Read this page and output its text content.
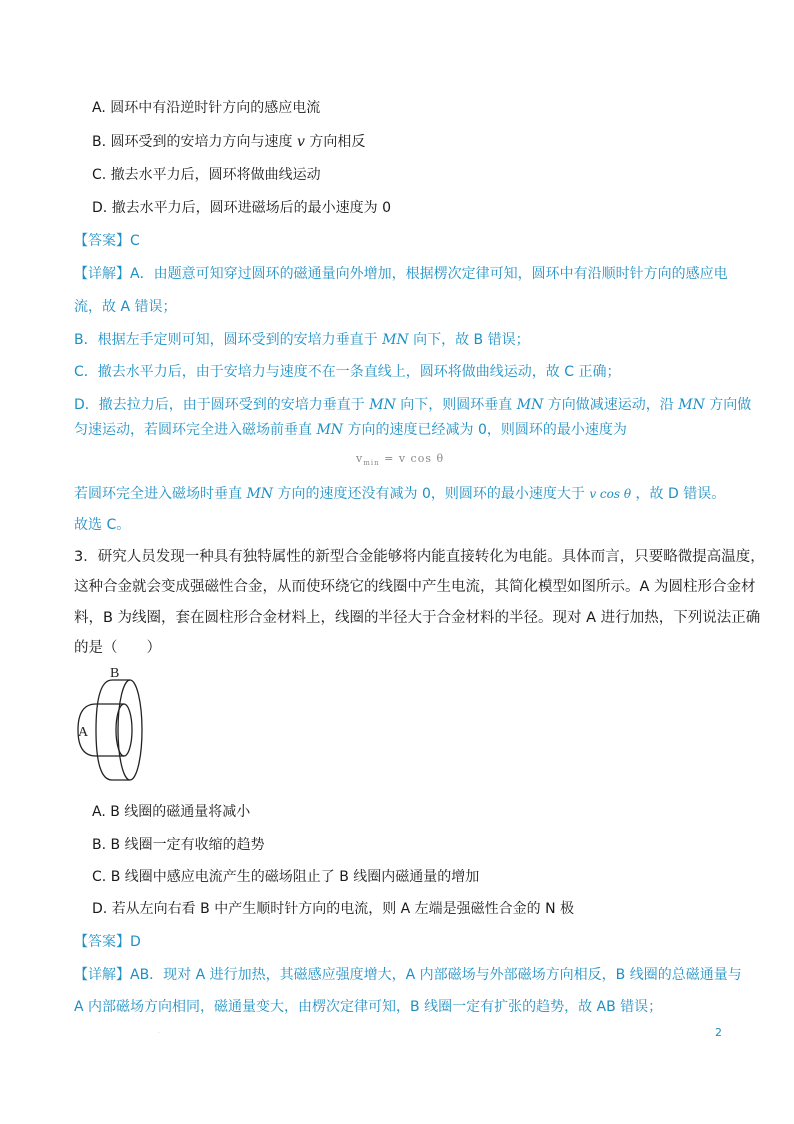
A. 圆环中有沿逆时针方向的感应电流
B. 圆环受到的安培力方向与速度 v 方向相反
C. 撤去水平力后，圆环将做曲线运动
D. 撤去水平力后，圆环进磁场后的最小速度为 0
【答案】C
【详解】A．由题意可知穿过圆环的磁通量向外增加，根据楞次定律可知，圆环中有沿顺时针方向的感应电
流，故 A 错误；
B．根据左手定则可知，圆环受到的安培力垂直于 MN 向下，故 B 错误；
C．撤去水平力后，由于安培力与速度不在一条直线上，圆环将做曲线运动，故 C 正确；
D．撤去拉力后，由于圆环受到的安培力垂直于 MN 向下，则圆环垂直 MN 方向做减速运动，沿 MN 方向做
匀速运动，若圆环完全进入磁场前垂直 MN 方向的速度已经减为 0，则圆环的最小速度为
$v_{min} = v$ cos θ
若圆环完全进入磁场时垂直 MN 方向的速度还没有减为 0，则圆环的最小速度大于 v cos θ ，故 D 错误。
故选 C。
3．研究人员发现一种具有独特属性的新型合金能够将内能直接转化为电能。具体而言，只要略微提高温度，
这种合金就会变成强磁性合金，从而使环绕它的线圈中产生电流，其简化模型如图所示。A 为圆柱形合金材
料，B 为线圈，套在圆柱形合金材料上，线圈的半径大于合金材料的半径。现对 A 进行加热，下列说法正确
的是（　　）
B
A
A. B 线圈的磁通量将减小
B. B 线圈一定有收缩的趋势
C. B 线圈中感应电流产生的磁场阻止了 B 线圈内磁通量的增加
D. 若从左向右看 B 中产生顺时针方向的电流，则 A 左端是强磁性合金的 N 极
【答案】D
【详解】AB．现对 A 进行加热，其磁感应强度增大，A 内部磁场与外部磁场方向相反，B 线圈的总磁通量与
A 内部磁场方向相同，磁通量变大，由楞次定律可知，B 线圈一定有扩张的趋势，故 AB 错误；
·	2
